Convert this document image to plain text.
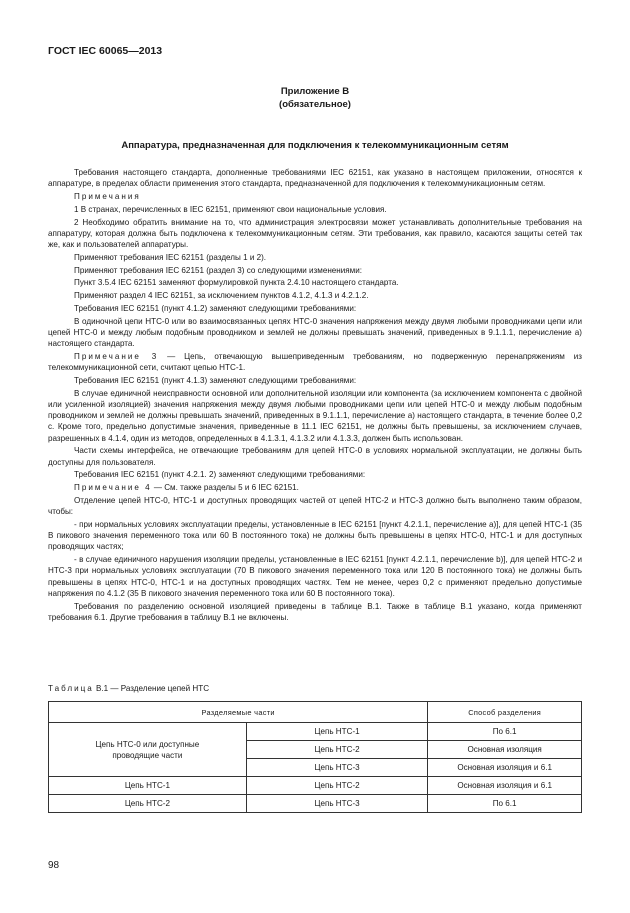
ГОСТ IEC 60065—2013
Приложение В
(обязательное)
Аппаратура, предназначенная для подключения к телекоммуникационным сетям

Требования настоящего стандарта, дополненные требованиями IEC 62151, как указано в настоящем приложении, относятся к аппаратуре, в пределах области применения этого стандарта, предназначенной для подключения к телекоммуникационным сетям.

Примечания

1 В странах, перечисленных в IEC 62151, применяют свои национальные условия.

2 Необходимо обратить внимание на то, что администрация электросвязи может устанавливать дополнительные требования на аппаратуру, которая должна быть подключена к телекоммуникационным сетям. Эти требования, как правило, касаются защиты сетей так же, как и пользователей аппаратуры.

Применяют требования IEC 62151 (разделы 1 и 2).

Применяют требования IEC 62151 (раздел 3) со следующими изменениями:

Пункт 3.5.4 IEC 62151 заменяют формулировкой пункта 2.4.10 настоящего стандарта.

Применяют раздел 4 IEC 62151, за исключением пунктов 4.1.2, 4.1.3 и 4.2.1.2.

Требования IEC 62151 (пункт 4.1.2) заменяют следующими требованиями:

В одиночной цепи НТС-0 или во взаимосвязанных цепях НТС-0 значения напряжения между двумя любыми проводниками цепи или цепей НТС-0 и между любым подобным проводником и землей не должны превышать значений, приведенных в 9.1.1.1, перечисление а) настоящего стандарта.

Примечание 3 — Цепь, отвечающую вышеприведенным требованиям, но подверженную перенапряжениям из телекоммуникационной сети, считают цепью НТС-1.

Требования IEC 62151 (пункт 4.1.3) заменяют следующими требованиями:

В случае единичной неисправности основной или дополнительной изоляции или компонента (за исключением компонента с двойной или усиленной изоляцией) значения напряжения между двумя любыми проводниками цепи или цепей НТС-0 и между любым подобным проводником и землей не должны превышать значений, приведенных в 9.1.1.1, перечисление а) настоящего стандарта, в течение более 0,2 с. Кроме того, предельно допустимые значения, приведенные в 11.1 IEC 62151, не должны быть превышены, за исключением случаев, разрешенных в 4.1.4, один из методов, определенных в 4.1.3.1, 4.1.3.2 или 4.1.3.3, должен быть использован.

Части схемы интерфейса, не отвечающие требованиям для цепей НТС-0 в условиях нормальной эксплуатации, не должны быть доступны для пользователя.

Требования IEC 62151 (пункт 4.2.1. 2) заменяют следующими требованиями:

Примечание 4 — См. также разделы 5 и 6 IEC 62151.

Отделение цепей НТС-0, НТС-1 и доступных проводящих частей от цепей НТС-2 и НТС-3 должно быть выполнено таким образом, чтобы:

- при нормальных условиях эксплуатации пределы, установленные в IEC 62151 [пункт 4.2.1.1, перечисление а)], для цепей НТС-1 (35 В пикового значения переменного тока или 60 В постоянного тока) не должны быть превышены в цепях НТС-0, НТС-1 и для доступных проводящих частях;

- в случае единичного нарушения изоляции пределы, установленные в IEC 62151 [пункт 4.2.1.1, перечисление b)], для цепей НТС-2 и НТС-3 при нормальных условиях эксплуатации (70 В пикового значения переменного тока или 120 В постоянного тока) не должны быть превышены в цепях НТС-0, НТС-1 и на доступных проводящих частях. Тем не менее, через 0,2 с применяют предельно допустимые напряжения по 4.1.2 (35 В пикового значения переменного тока или 60 В постоянного тока).

Требования по разделению основной изоляцией приведены в таблице В.1. Также в таблице В.1 указано, когда применяют требования 6.1. Другие требования в таблицу В.1 не включены.

Таблица В.1 — Разделение цепей НТС
Разделяемые части		Способ разделения

Цепь НТС-0 или доступные проводящие части	Цепь НТС-1	По 6.1
	Цепь НТС-2	Основная изоляция
	Цепь НТС-3	Основная изоляция и 6.1
Цепь НТС-1	Цепь НТС-2	Основная изоляция и 6.1
Цепь НТС-2	Цепь НТС-3	По 6.1
98
